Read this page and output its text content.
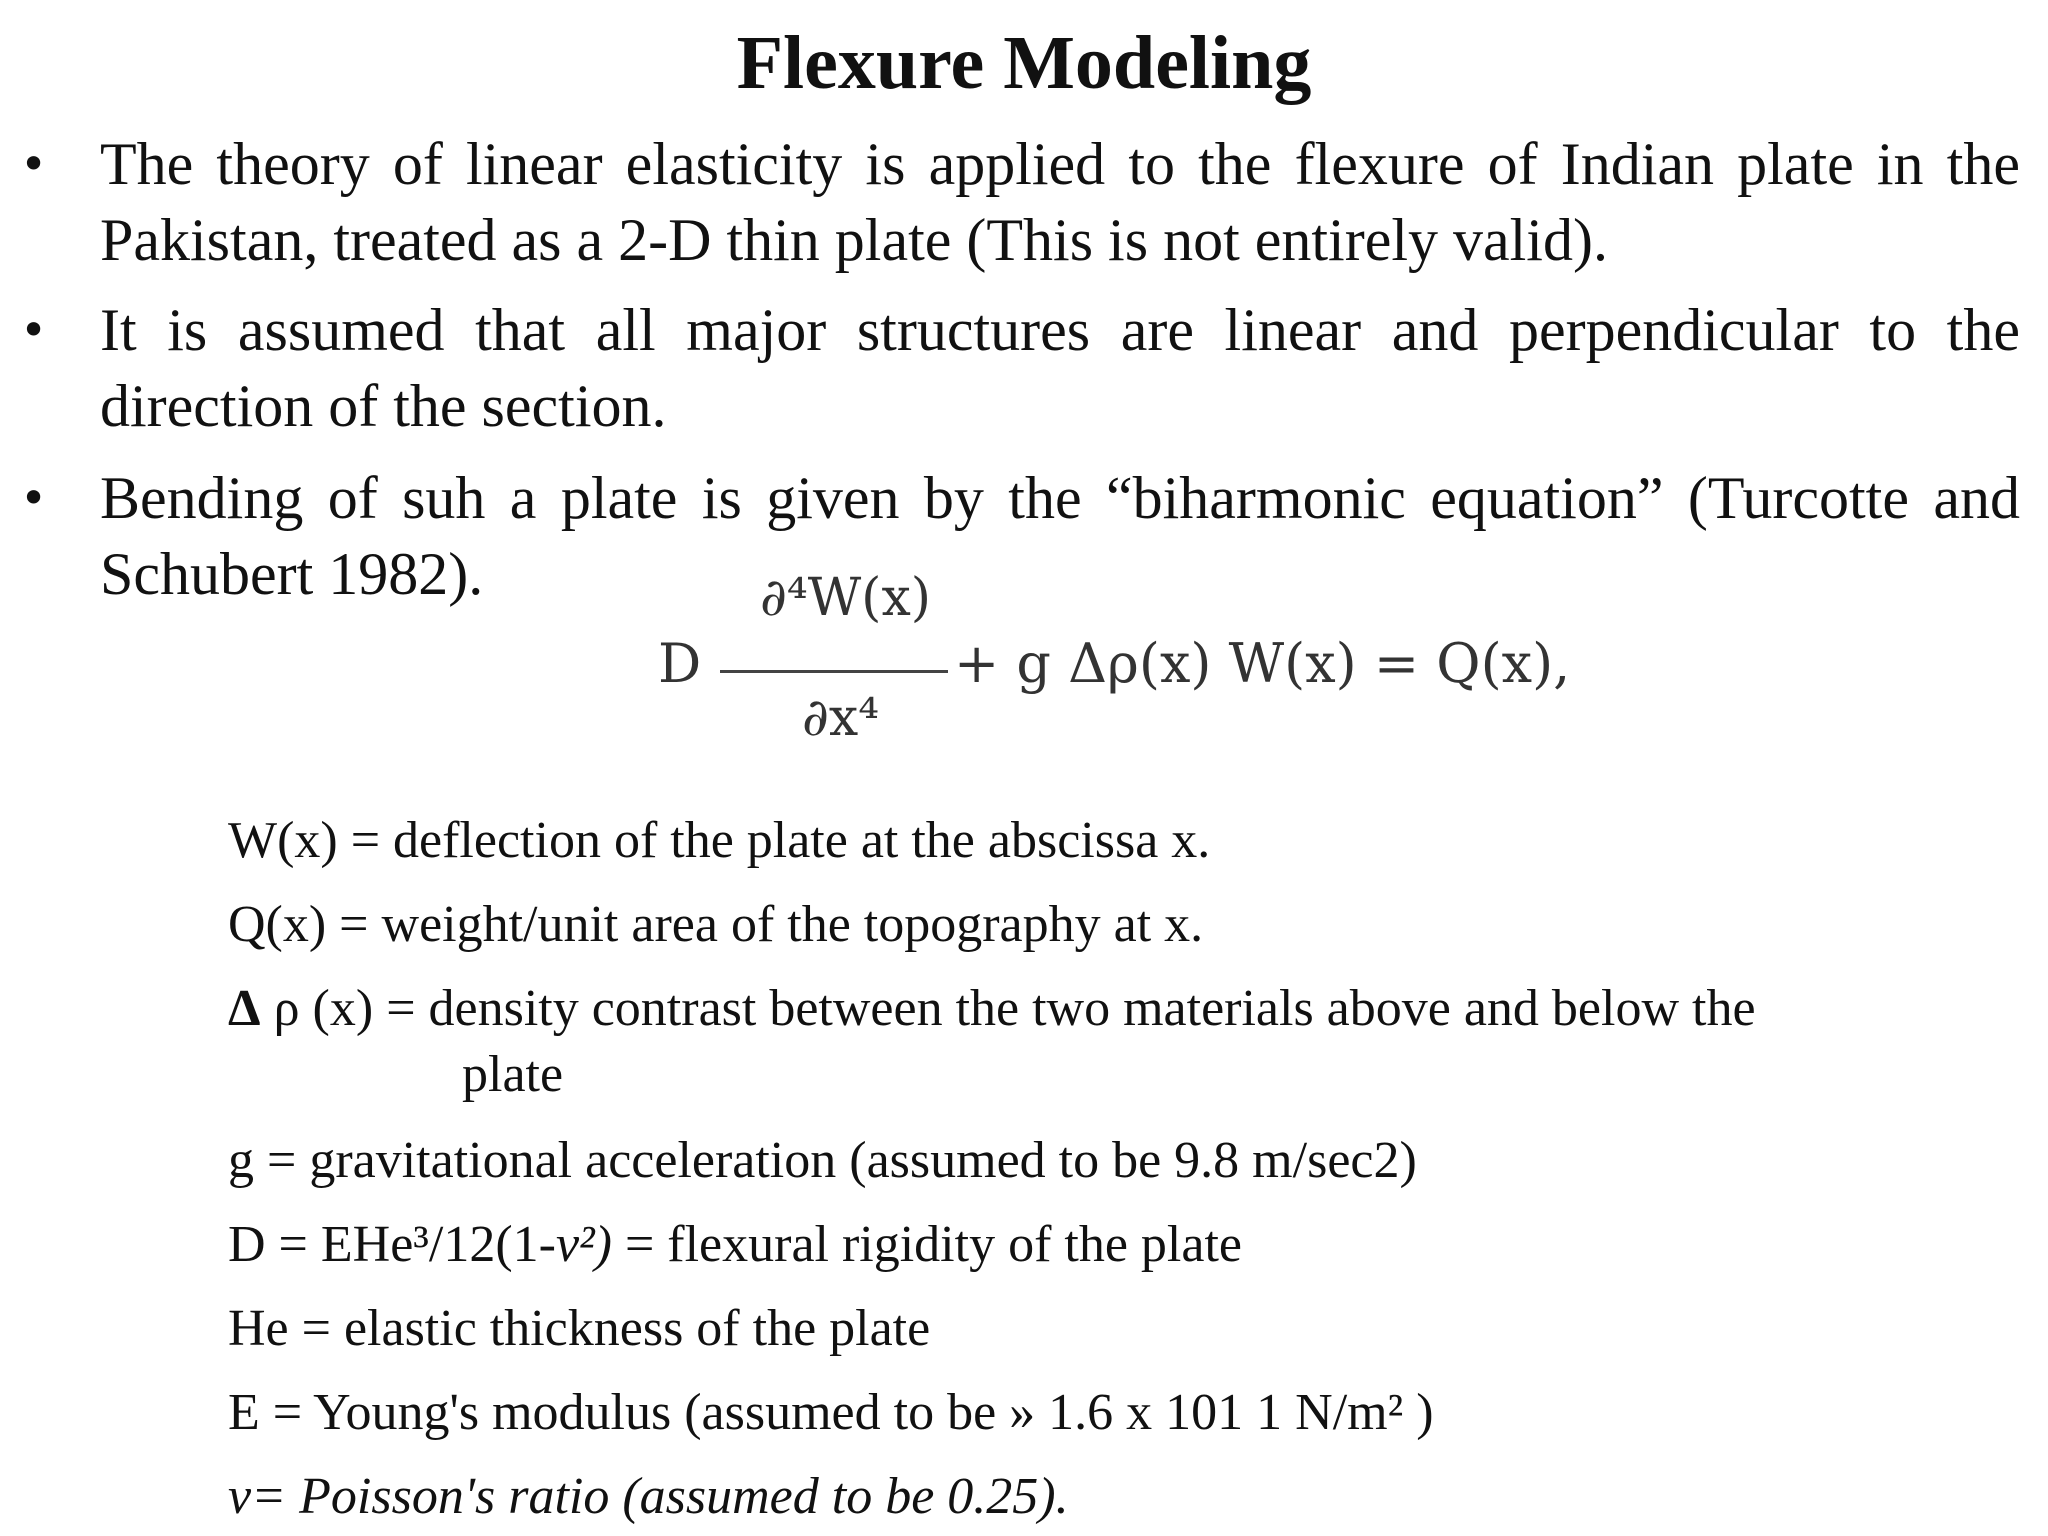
Flexure Modeling
• The theory of linear elasticity is applied to the flexure of Indian plate in the Pakistan, treated as a 2-D thin plate (This is not entirely valid).
• It is assumed that all major structures are linear and perpendicular to the direction of the section.
• Bending of suh a plate is given by the “biharmonic equation” (Turcotte and Schubert 1982).
D
∂⁴W(x)
∂x⁴
+ g Δρ(x) W(x) = Q(x),
W(x) = deflection of the plate at the abscissa x.
Q(x) = weight/unit area of the topography at x.
Δ ρ (x) = density contrast between the two materials above and below the
plate
g = gravitational acceleration (assumed to be 9.8 m/sec2)
D = EHe³/12(1-v²) = flexural rigidity of the plate
He = elastic thickness of the plate
E = Young's modulus (assumed to be » 1.6 x 101 1 N/m² )
v= Poisson's ratio (assumed to be 0.25).
